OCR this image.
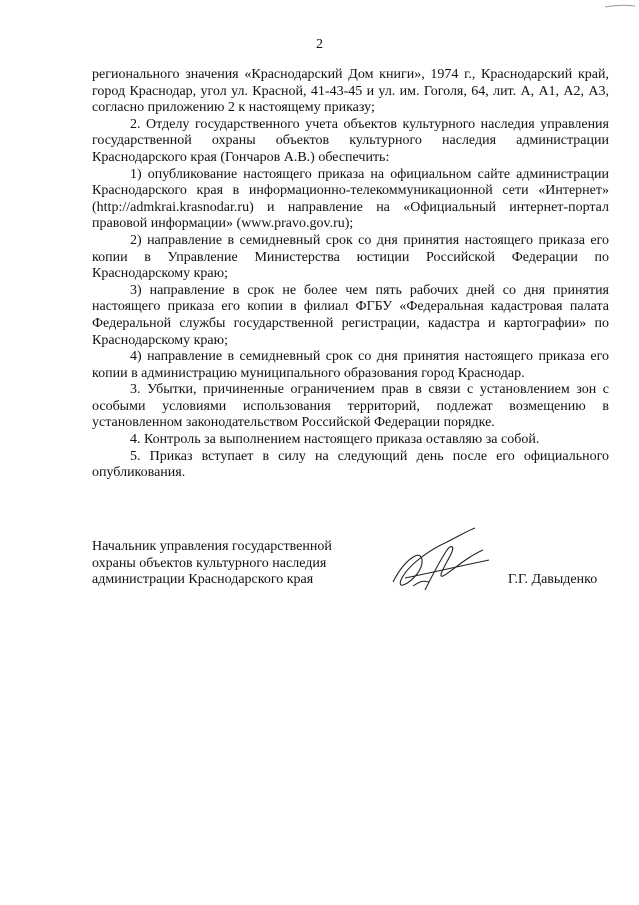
2

регионального значения «Краснодарский Дом книги», 1974 г., Краснодарский край, город Краснодар, угол ул. Красной, 41-43-45 и ул. им. Гоголя, 64, лит. А, А1, А2, А3, согласно приложению 2 к настоящему приказу;

2. Отделу государственного учета объектов культурного наследия управления государственной охраны объектов культурного наследия администрации Краснодарского края (Гончаров А.В.) обеспечить:

1) опубликование настоящего приказа на официальном сайте администрации Краснодарского края в информационно-телекоммуникационной сети «Интернет» (http://admkrai.krasnodar.ru) и направление на «Официальный интернет-портал правовой информации» (www.pravo.gov.ru);

2) направление в семидневный срок со дня принятия настоящего приказа его копии в Управление Министерства юстиции Российской Федерации по Краснодарскому краю;

3) направление в срок не более чем пять рабочих дней со дня принятия настоящего приказа его копии в филиал ФГБУ «Федеральная кадастровая палата Федеральной службы государственной регистрации, кадастра и картографии» по Краснодарскому краю;

4) направление в семидневный срок со дня принятия настоящего приказа его копии в администрацию муниципального образования город Краснодар.

3. Убытки, причиненные ограничением прав в связи с установлением зон с особыми условиями использования территорий, подлежат возмещению в установленном законодательством Российской Федерации порядке.

4. Контроль за выполнением настоящего приказа оставляю за собой.

5. Приказ вступает в силу на следующий день после его официального опубликования.

Начальник управления государственной
охраны объектов культурного наследия
администрации Краснодарского края	Г.Г. Давыденко
